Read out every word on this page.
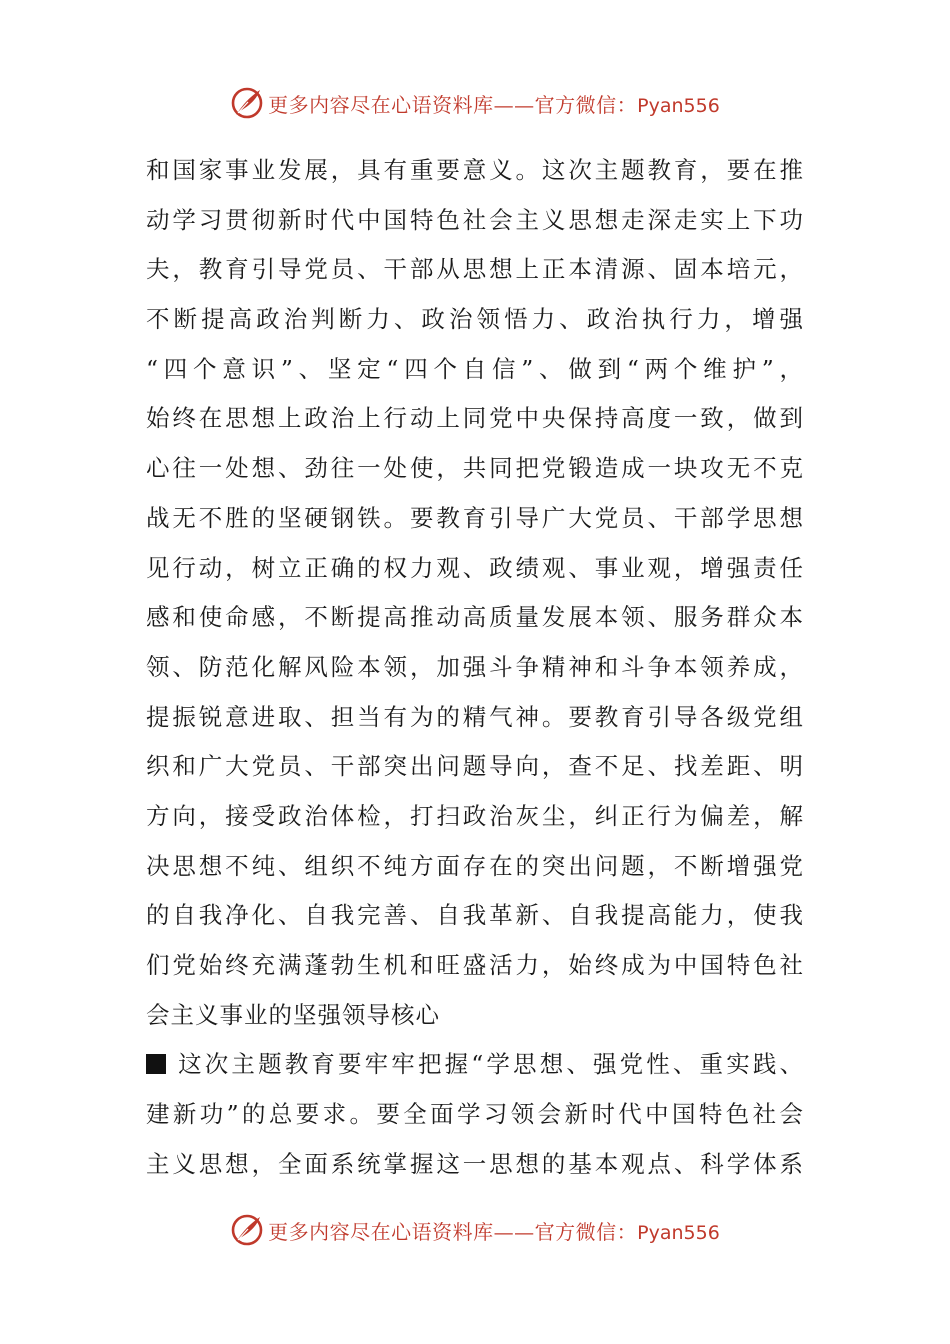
更多内容尽在心语资料库——官方微信：Pyan556
和国家事业发展，具有重要意义。这次主题教育，要在推
动学习贯彻新时代中国特色社会主义思想走深走实上下功
夫，教育引导党员、干部从思想上正本清源、固本培元，
不断提高政治判断力、政治领悟力、政治执行力，增强
“四个意识”、坚定“四个自信”、做到“两个维护”，
始终在思想上政治上行动上同党中央保持高度一致，做到
心往一处想、劲往一处使，共同把党锻造成一块攻无不克
战无不胜的坚硬钢铁。要教育引导广大党员、干部学思想
见行动，树立正确的权力观、政绩观、事业观，增强责任
感和使命感，不断提高推动高质量发展本领、服务群众本
领、防范化解风险本领，加强斗争精神和斗争本领养成，
提振锐意进取、担当有为的精气神。要教育引导各级党组
织和广大党员、干部突出问题导向，查不足、找差距、明
方向，接受政治体检，打扫政治灰尘，纠正行为偏差，解
决思想不纯、组织不纯方面存在的突出问题，不断增强党
的自我净化、自我完善、自我革新、自我提高能力，使我
们党始终充满蓬勃生机和旺盛活力，始终成为中国特色社
会主义事业的坚强领导核心
这次主题教育要牢牢把握“学思想、强党性、重实践、
建新功”的总要求。要全面学习领会新时代中国特色社会
主义思想，全面系统掌握这一思想的基本观点、科学体系
更多内容尽在心语资料库——官方微信：Pyan556
